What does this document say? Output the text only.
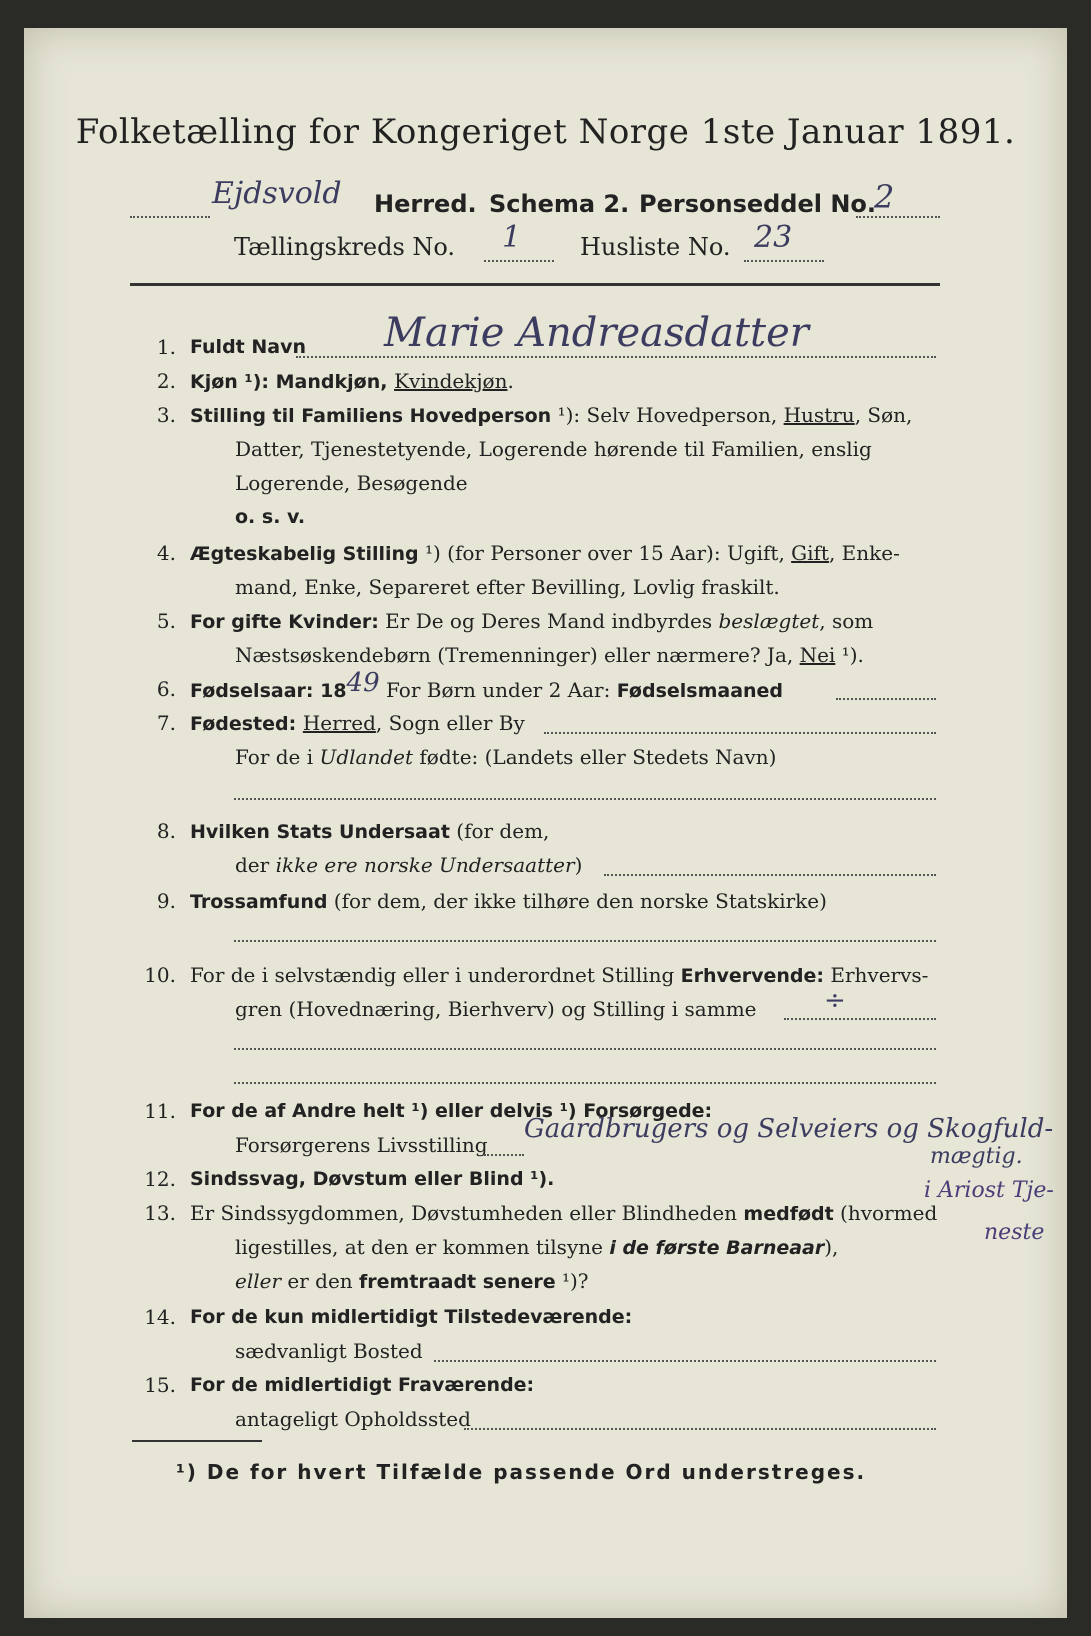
Folketælling for Kongeriget Norge 1ste Januar 1891.
Ejdsvold Herred. Schema 2. Personseddel No.
2
Tællingskreds No. 1 Husliste No. 23
1. Fuldt Navn Marie Andreasdatter
2. Kjøn ¹): Mandkjøn, Kvindekjøn.
3. Stilling til Familiens Hovedperson ¹): Selv Hovedperson, Hustru, Søn,
Datter, Tjenestetyende, Logerende hørende til Familien, enslig
Logerende, Besøgende
o. s. v.
4. Ægteskabelig Stilling ¹) (for Personer over 15 Aar): Ugift, Gift, Enke-
mand, Enke, Separeret efter Bevilling, Lovlig fraskilt.
5. For gifte Kvinder: Er De og Deres Mand indbyrdes beslægtet, som
Næstsøskendebørn (Tremenninger) eller nærmere? Ja, Nei ¹).
6. Fødselsaar: 1849 For Børn under 2 Aar: Fødselsmaaned
7. Fødested: Herred, Sogn eller By
For de i Udlandet fødte: (Landets eller Stedets Navn)
8. Hvilken Stats Undersaat (for dem,
der ikke ere norske Undersaatter)
9. Trossamfund (for dem, der ikke tilhøre den norske Statskirke)
10. For de i selvstændig eller i underordnet Stilling Erhvervende: Erhvervs-
gren (Hovednæring, Bierhverv) og Stilling i samme	÷
11. For de af Andre helt ¹) eller delvis ¹) Forsørgede:
Forsørgerens Livsstilling
Gaardbrugers og Selveiers og Skogfuld-
mægtig.
12. Sindssvag, Døvstum eller Blind ¹).
13. Er Sindssygdommen, Døvstumheden eller Blindheden medfødt (hvormed
ligestilles, at den er kommen tilsyne i de første Barneaar),
eller er den fremtraadt senere ¹)?
i Ariost Tje-
neste
14. For de kun midlertidigt Tilstedeværende:
sædvanligt Bosted
15. For de midlertidigt Fraværende:
antageligt Opholdssted
¹) De for hvert Tilfælde passende Ord understreges.
